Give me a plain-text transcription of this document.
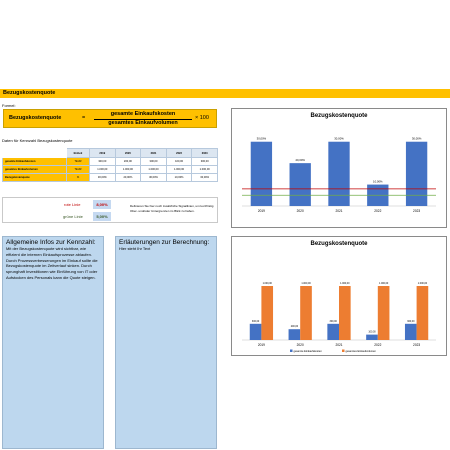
Bezugskostenquote
Formel:
Bezugskostenquote	=
gesamte Einkaufskosten
gesamtes Einkaufvolumen
× 100
Daten für Kennzahl Bezugskostenquote
	Einheit	2019	2020	2021	2022	2023
gesamte Einkaufskosten	TEUR	300,00	200,00	300,00	100,00	300,00
gesamtes Einkaufvolumen	TEUR	1.000,00	1.000,00	1.000,00	1.000,00	1.000,00
Bezugskostenquote	%	30,00%	20,00%	30,00%	10,00%	30,00%
rote Linie	8,00%
grüne Linie	5,00%
Definieren Sie hier noch zusätzliche Signallinien, um kurzfristig Ober- und/oder Untergrenzen im Blick zu haben.
Allgemeine Infos zur Kennzahl:
Mit der Bezugskostenquote wird sichtbar, wie effizient die internen Einkaufsprozesse ablaufen. Durch Prozessverbesserungen im Einkauf sollte die Bezugskostenquote im Zeitverlauf sinken. Durch sprunghaft Investitionen wie Einführung von IT oder Aufstocken des Personals kann die Quote steigen.
Erläuterungen zur Berechnung:
Hier steht Ihr Text
Bezugskostenquote
30,00%
2019
20,00%
2020
30,00%
2021
10,00%
2022
30,00%
2023
Bezugskostenquote
300,00
1.000,00
2019
200,00
1.000,00
2020
300,00
1.000,00
2021
100,00
1.000,00
2022
300,00
1.000,00
2023
gesamte Einkaufskosten	gesamtes Einkaufvolumen
